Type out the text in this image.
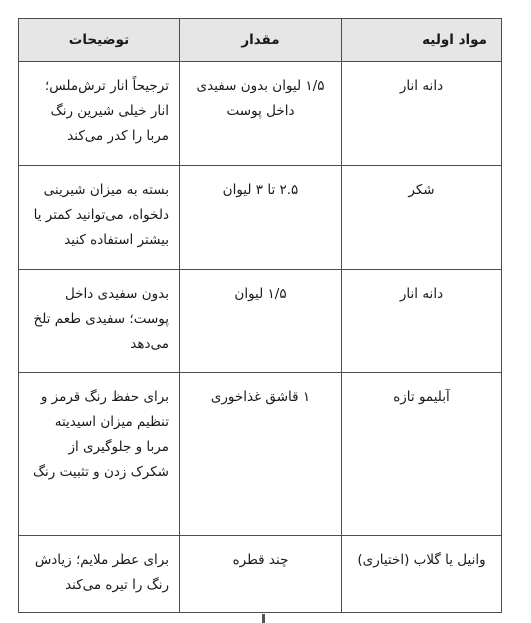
مواد اولیه	مقدار	توضیحات
دانه انار	۱/۵ لیوان بدون سفیدی داخل پوست	ترجیحاً انار ترش‌ملس؛ انار خیلی شیرین رنگ مربا را کدر می‌کند
شکر	۲.۵ تا ۳ لیوان	بسته به میزان شیرینی دلخواه، می‌توانید کمتر یا بیشتر استفاده کنید
دانه انار	۱/۵ لیوان	بدون سفیدی داخل پوست؛ سفیدی طعم تلخ می‌دهد
آبلیمو تازه	۱ قاشق غذاخوری	برای حفظ رنگ قرمز و تنظیم میزان اسیدیته مربا و جلوگیری از شکرک زدن و تثبیت رنگ
وانیل یا گلاب (اختیاری)	چند قطره	برای عطر ملایم؛ زیادش رنگ را تیره می‌کند
